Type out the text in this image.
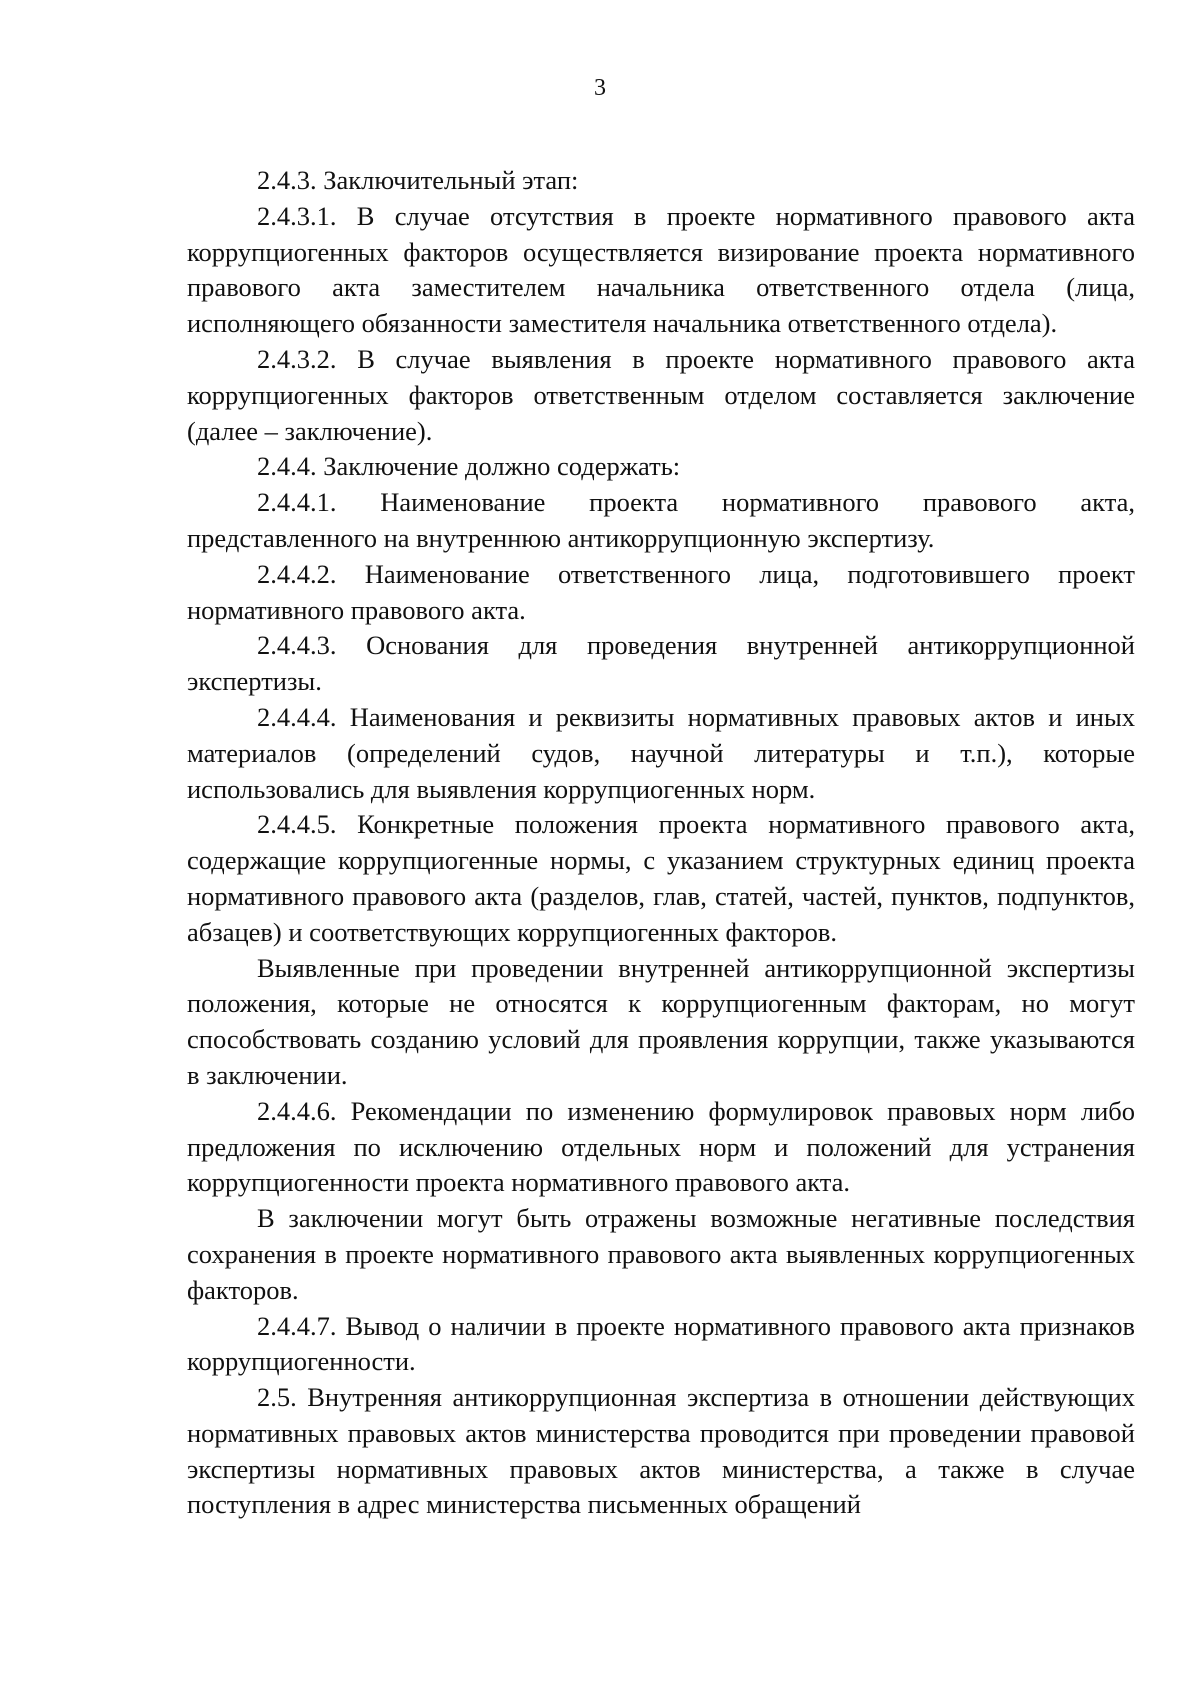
3

2.4.3. Заключительный этап:

2.4.3.1. В случае отсутствия в проекте нормативного правового акта коррупциогенных факторов осуществляется визирование проекта нормативного правового акта заместителем начальника ответственного отдела (лица, исполняющего обязанности заместителя начальника ответственного отдела).

2.4.3.2. В случае выявления в проекте нормативного правового акта коррупциогенных факторов ответственным отделом составляется заключение (далее – заключение).

2.4.4. Заключение должно содержать:

2.4.4.1. Наименование проекта нормативного правового акта, представленного на внутреннюю антикоррупционную экспертизу.

2.4.4.2. Наименование ответственного лица, подготовившего проект нормативного правового акта.

2.4.4.3. Основания для проведения внутренней антикоррупционной экспертизы.

2.4.4.4. Наименования и реквизиты нормативных правовых актов и иных материалов (определений судов, научной литературы и т.п.), которые использовались для выявления коррупциогенных норм.

2.4.4.5. Конкретные положения проекта нормативного правового акта, содержащие коррупциогенные нормы, с указанием структурных единиц проекта нормативного правового акта (разделов, глав, статей, частей, пунктов, подпунктов, абзацев) и соответствующих коррупциогенных факторов.

Выявленные при проведении внутренней антикоррупционной экспертизы положения, которые не относятся к коррупциогенным факторам, но могут способствовать созданию условий для проявления коррупции, также указываются в заключении.

2.4.4.6. Рекомендации по изменению формулировок правовых норм либо предложения по исключению отдельных норм и положений для устранения коррупциогенности проекта нормативного правового акта.

В заключении могут быть отражены возможные негативные последствия сохранения в проекте нормативного правового акта выявленных коррупциогенных факторов.

2.4.4.7. Вывод о наличии в проекте нормативного правового акта признаков коррупциогенности.

2.5. Внутренняя антикоррупционная экспертиза в отношении действующих нормативных правовых актов министерства проводится при проведении правовой экспертизы нормативных правовых актов министерства, а также в случае поступления в адрес министерства письменных обращений
